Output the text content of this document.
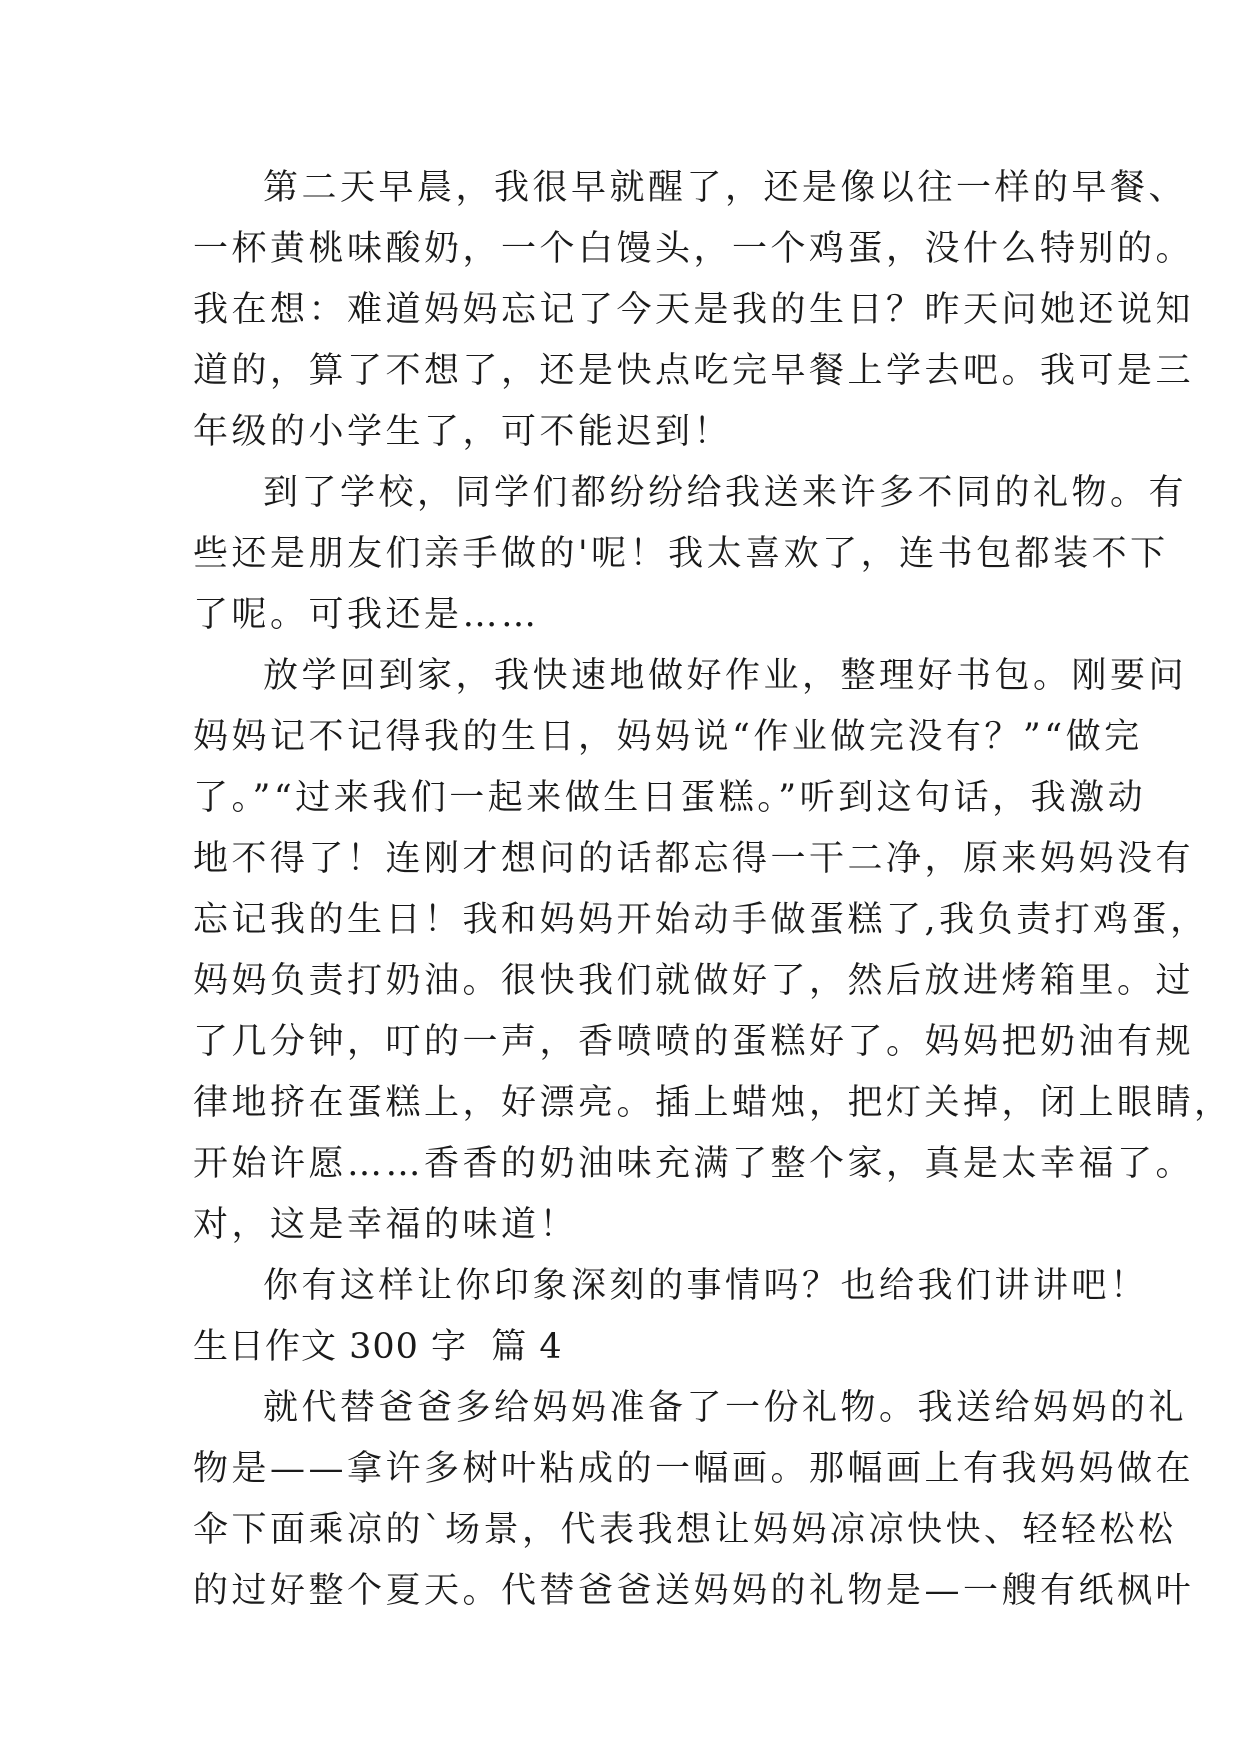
第二天早晨，我很早就醒了，还是像以往一样的早餐、
一杯黄桃味酸奶，一个白馒头，一个鸡蛋，没什么特别的。
我在想：难道妈妈忘记了今天是我的生日？昨天问她还说知
道的，算了不想了，还是快点吃完早餐上学去吧。我可是三
年级的小学生了，可不能迟到！

到了学校，同学们都纷纷给我送来许多不同的礼物。有
些还是朋友们亲手做的'呢！我太喜欢了，连书包都装不下
了呢。可我还是……

放学回到家，我快速地做好作业，整理好书包。刚要问
妈妈记不记得我的生日，妈妈说“作业做完没有？”“做完
了。”“过来我们一起来做生日蛋糕。”听到这句话，我激动
地不得了！连刚才想问的话都忘得一干二净，原来妈妈没有
忘记我的生日！我和妈妈开始动手做蛋糕了,我负责打鸡蛋，
妈妈负责打奶油。很快我们就做好了，然后放进烤箱里。过
了几分钟，叮的一声，香喷喷的蛋糕好了。妈妈把奶油有规
律地挤在蛋糕上，好漂亮。插上蜡烛，把灯关掉，闭上眼睛，
开始许愿……香香的奶油味充满了整个家，真是太幸福了。
对，这是幸福的味道！

你有这样让你印象深刻的事情吗？也给我们讲讲吧！

生日作文 300 字  篇 4

就代替爸爸多给妈妈准备了一份礼物。我送给妈妈的礼
物是——拿许多树叶粘成的一幅画。那幅画上有我妈妈做在
伞下面乘凉的`场景，代表我想让妈妈凉凉快快、轻轻松松
的过好整个夏天。代替爸爸送妈妈的礼物是—一艘有纸枫叶
